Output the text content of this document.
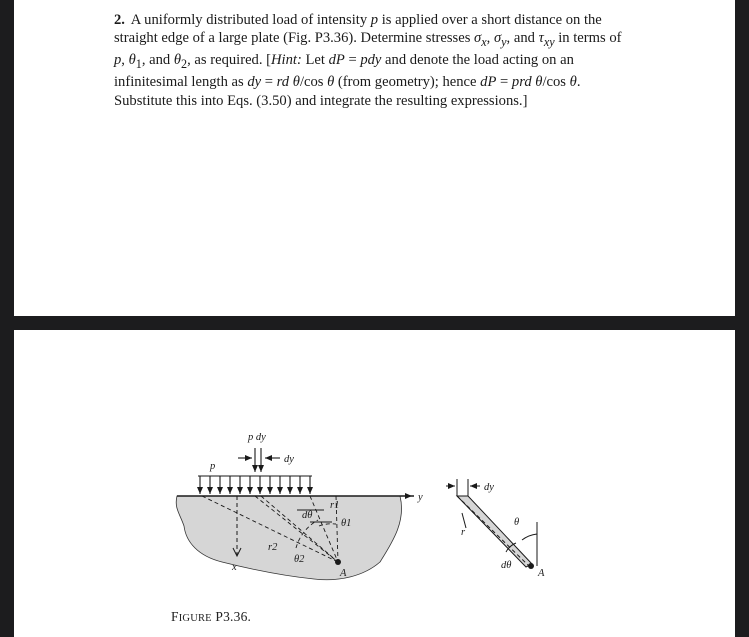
2. A uniformly distributed load of intensity p is applied over a short distance on the straight edge of a large plate (Fig. P3.36). Determine stresses $\sigma_x$, $\sigma_y$, and $\tau_{xy}$ in terms of p, $\theta_1$, and $\theta_2$, as required. [Hint: Let dP = pdy and denote the load acting on an infinitesimal length as dy = rd θ/cos θ (from geometry); hence dP = prd θ/cos θ. Substitute this into Eqs. (3.50) and integrate the resulting expressions.]
p dy
dy
p
y
x
dθ
r1
r2
θ1
θ2
A
dy
r
θ
dθ
A
FIGURE P3.36.
